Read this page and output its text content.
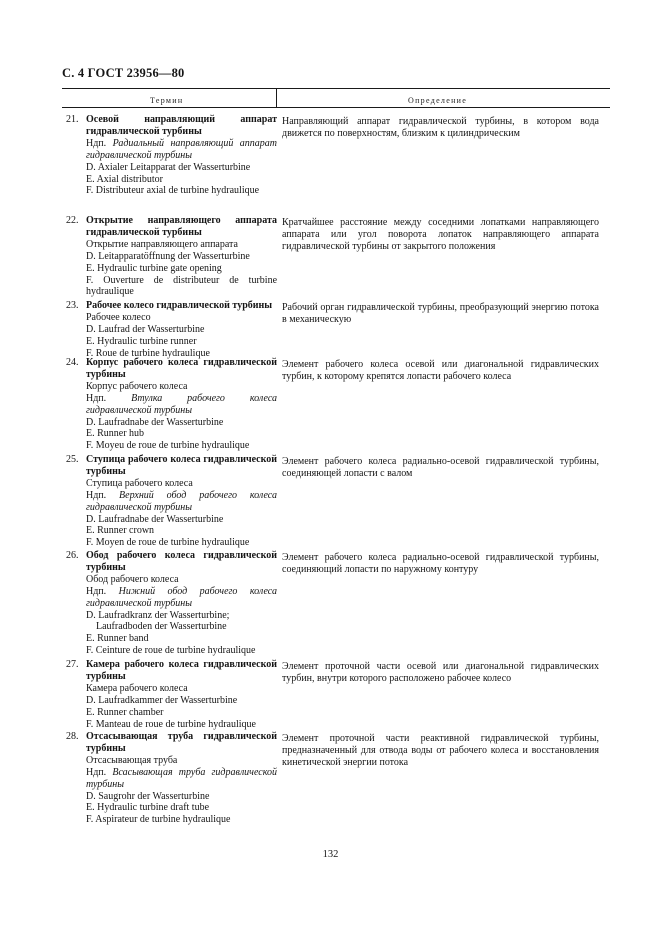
С. 4 ГОСТ 23956—80
Термин	Определение
21. Осевой направляющий аппарат гидравлической турбины
Ндп. Радиальный направляющий аппарат гидравлической турбины
D. Axialer Leitapparat der Wasserturbine
E. Axial distributor
F. Distributeur axial de turbine hydraulique
Направляющий аппарат гидравлической турбины, в котором вода движется по поверхностям, близким к цилиндрическим
22. Открытие направляющего аппарата гидравлической турбины
Открытие направляющего аппарата
D. Leitapparatöffnung der Wasserturbine
E. Hydraulic turbine gate opening
F. Ouverture de distributeur de turbine hydraulique
Кратчайшее расстояние между соседними лопатками направляющего аппарата или угол поворота лопаток направляющего аппарата гидравлической турбины от закрытого положения
23. Рабочее колесо гидравлической турбины
Рабочее колесо
D. Laufrad der Wasserturbine
E. Hydraulic turbine runner
F. Roue de turbine hydraulique
Рабочий орган гидравлической турбины, преобразующий энергию потока в механическую
24. Корпус рабочего колеса гидравлической турбины
Корпус рабочего колеса
Ндп. Втулка рабочего колеса гидравлической турбины
D. Laufradnabe der Wasserturbine
E. Runner hub
F. Moyeu de roue de turbine hydraulique
Элемент рабочего колеса осевой или диагональной гидравлических турбин, к которому крепятся лопасти рабочего колеса
25. Ступица рабочего колеса гидравлической турбины
Ступица рабочего колеса
Ндп. Верхний обод рабочего колеса гидравлической турбины
D. Laufradnabe der Wasserturbine
E. Runner crown
F. Moyen de roue de turbine hydraulique
Элемент рабочего колеса радиально-осевой гидравлической турбины, соединяющей лопасти с валом
26. Обод рабочего колеса гидравлической турбины
Обод рабочего колеса
Ндп. Нижний обод рабочего колеса гидравлической турбины
D. Laufradkranz der Wasserturbine;
Laufradboden der Wasserturbine
E. Runner band
F. Ceinture de roue de turbine hydraulique
Элемент рабочего колеса радиально-осевой гидравлической турбины, соединяющий лопасти по наружному контуру
27. Камера рабочего колеса гидравлической турбины
Камера рабочего колеса
D. Laufradkammer der Wasserturbine
E. Runner chamber
F. Manteau de roue de turbine hydraulique
Элемент проточной части осевой или диагональной гидравлических турбин, внутри которого расположено рабочее колесо
28. Отсасывающая труба гидравлической турбины
Отсасывающая труба
Ндп. Всасывающая труба гидравлической турбины
D. Saugrohr der Wasserturbine
E. Hydraulic turbine draft tube
F. Aspirateur de turbine hydraulique
Элемент проточной части реактивной гидравлической турбины, предназначенный для отвода воды от рабочего колеса и восстановления кинетической энергии потока
132
